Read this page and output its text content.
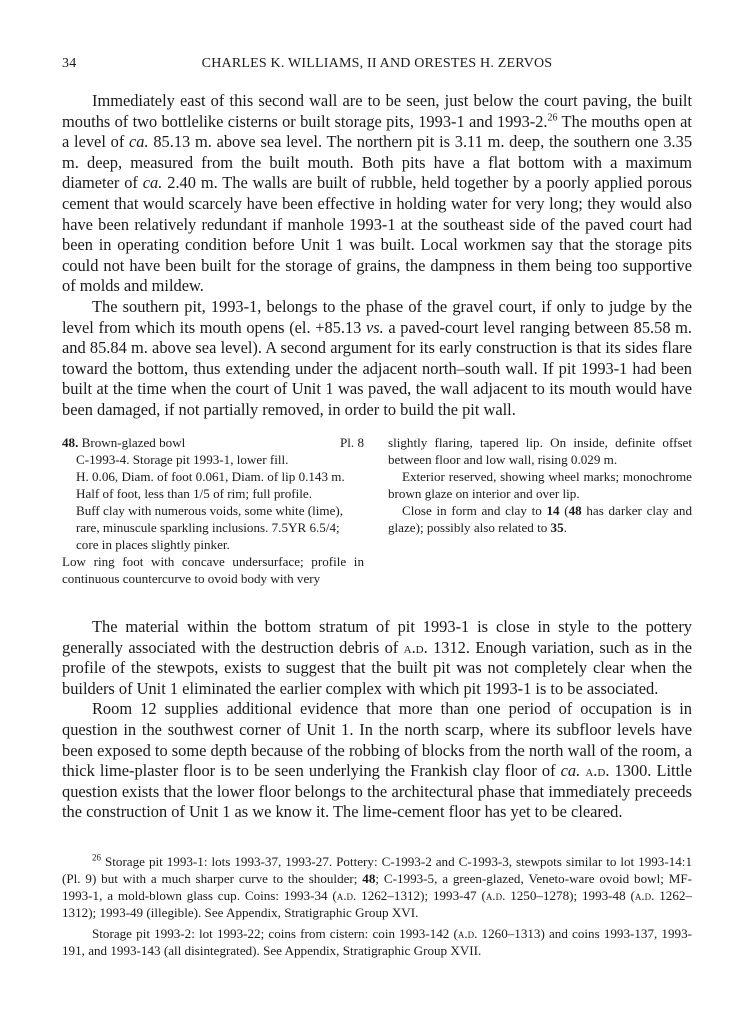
34	CHARLES K. WILLIAMS, II AND ORESTES H. ZERVOS

Immediately east of this second wall are to be seen, just below the court paving, the built mouths of two bottlelike cisterns or built storage pits, 1993-1 and 1993-2.26 The mouths open at a level of ca. 85.13 m. above sea level. The northern pit is 3.11 m. deep, the southern one 3.35 m. deep, measured from the built mouth. Both pits have a flat bottom with a maximum diameter of ca. 2.40 m. The walls are built of rubble, held together by a poorly applied porous cement that would scarcely have been effective in holding water for very long; they would also have been relatively redundant if manhole 1993-1 at the southeast side of the paved court had been in operating condition before Unit 1 was built. Local workmen say that the storage pits could not have been built for the storage of grains, the dampness in them being too supportive of molds and mildew.

The southern pit, 1993-1, belongs to the phase of the gravel court, if only to judge by the level from which its mouth opens (el. +85.13 vs. a paved-court level ranging between 85.58 m. and 85.84 m. above sea level). A second argument for its early construction is that its sides flare toward the bottom, thus extending under the adjacent north–south wall. If pit 1993-1 had been built at the time when the court of Unit 1 was paved, the wall adjacent to its mouth would have been damaged, if not partially removed, in order to build the pit wall.

48. Brown-glazed bowl	Pl. 8
C-1993-4. Storage pit 1993-1, lower fill.
H. 0.06, Diam. of foot 0.061, Diam. of lip 0.143 m.
Half of foot, less than 1/5 of rim; full profile.
Buff clay with numerous voids, some white (lime), rare, minuscule sparkling inclusions. 7.5YR 6.5/4; core in places slightly pinker.

Low ring foot with concave undersurface; profile in continuous countercurve to ovoid body with very

slightly flaring, tapered lip. On inside, definite offset between floor and low wall, rising 0.029 m.

Exterior reserved, showing wheel marks; monochrome brown glaze on interior and over lip.

Close in form and clay to 14 (48 has darker clay and glaze); possibly also related to 35.

The material within the bottom stratum of pit 1993-1 is close in style to the pottery generally associated with the destruction debris of a.d. 1312. Enough variation, such as in the profile of the stewpots, exists to suggest that the built pit was not completely clear when the builders of Unit 1 eliminated the earlier complex with which pit 1993-1 is to be associated.

Room 12 supplies additional evidence that more than one period of occupation is in question in the southwest corner of Unit 1. In the north scarp, where its subfloor levels have been exposed to some depth because of the robbing of blocks from the north wall of the room, a thick lime-plaster floor is to be seen underlying the Frankish clay floor of ca. a.d. 1300. Little question exists that the lower floor belongs to the architectural phase that immediately preceeds the construction of Unit 1 as we know it. The lime-cement floor has yet to be cleared.

$^{26}$ Storage pit 1993-1: lots 1993-37, 1993-27. Pottery: C-1993-2 and C-1993-3, stewpots similar to lot 1993-14:1 (Pl. 9) but with a much sharper curve to the shoulder; 48; C-1993-5, a green-glazed, Veneto-ware ovoid bowl; MF-1993-1, a mold-blown glass cup. Coins: 1993-34 (a.d. 1262–1312); 1993-47 (a.d. 1250–1278); 1993-48 (a.d. 1262–1312); 1993-49 (illegible). See Appendix, Stratigraphic Group XVI.

Storage pit 1993-2: lot 1993-22; coins from cistern: coin 1993-142 (a.d. 1260–1313) and coins 1993-137, 1993-191, and 1993-143 (all disintegrated). See Appendix, Stratigraphic Group XVII.
